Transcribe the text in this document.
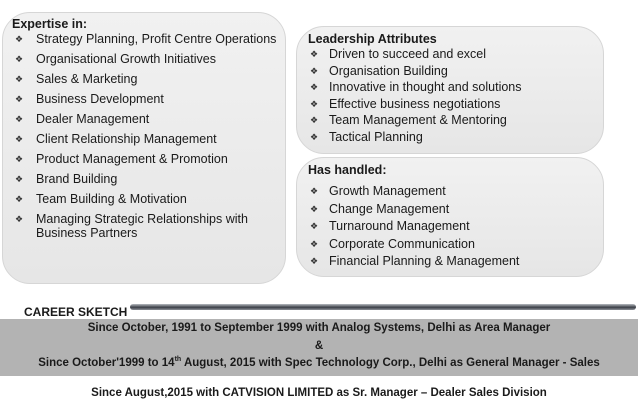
Expertise in:
❖ Strategy Planning, Profit Centre Operations
❖ Organisational Growth Initiatives
❖ Sales & Marketing
❖ Business Development
❖ Dealer Management
❖ Client Relationship Management
❖ Product Management & Promotion
❖ Brand Building
❖ Team Building & Motivation
❖ Managing Strategic Relationships with Business Partners
Leadership Attributes
❖ Driven to succeed and excel
❖ Organisation Building
❖ Innovative in thought and solutions
❖ Effective business negotiations
❖ Team Management & Mentoring
❖ Tactical Planning
Has handled:
❖ Growth Management
❖ Change Management
❖ Turnaround Management
❖ Corporate Communication
❖ Financial Planning & Management
CAREER SKETCH
Since October, 1991 to September 1999 with Analog Systems, Delhi as Area Manager
&
Since October'1999 to 14th August, 2015 with Spec Technology Corp., Delhi as General Manager - Sales
Since August,2015 with CATVISION LIMITED as Sr. Manager – Dealer Sales Division
